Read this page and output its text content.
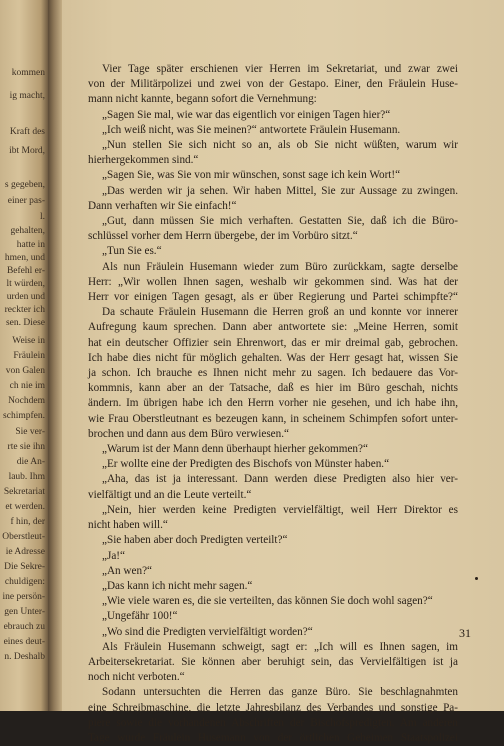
kommen
ig macht,
Kraft des
ibt Mord,
s gegeben,
einer pas-
l.
gehalten,
hatte in
hmen, und
Befehl er-
lt würden,
urden und
reckter ich
sen. Diese
Weise in
Fräulein
von Galen
ch nie im
Nochdem
schimpfen.
Sie ver-
rte sie ihn
die An-
laub. Ihm
Sekretariat
et werden.
f hin, der
Oberstleut-
ie Adresse
Die Sekre-
chuldigen:
ine persön-
gen Unter-
ebrauch zu
eines deut-
n. Deshalb
Vier Tage später erschienen vier Herren im Sekretariat, und zwar zwei
von der Militärpolizei und zwei von der Gestapo. Einer, den Fräulein Huse-
mann nicht kannte, begann sofort die Vernehmung:
„Sagen Sie mal, wie war das eigentlich vor einigen Tagen hier?“
„Ich weiß nicht, was Sie meinen?“ antwortete Fräulein Husemann.
„Nun stellen Sie sich nicht so an, als ob Sie nicht wüßten, warum wir
hierhergekommen sind.“
„Sagen Sie, was Sie von mir wünschen, sonst sage ich kein Wort!“
„Das werden wir ja sehen. Wir haben Mittel, Sie zur Aussage zu zwingen.
Dann verhaften wir Sie einfach!“
„Gut, dann müssen Sie mich verhaften. Gestatten Sie, daß ich die Büro-
schlüssel vorher dem Herrn übergebe, der im Vorbüro sitzt.“
„Tun Sie es.“
Als nun Fräulein Husemann wieder zum Büro zurückkam, sagte derselbe
Herr: „Wir wollen Ihnen sagen, weshalb wir gekommen sind. Was hat der
Herr vor einigen Tagen gesagt, als er über Regierung und Partei schimpfte?“
Da schaute Fräulein Husemann die Herren groß an und konnte vor innerer
Aufregung kaum sprechen. Dann aber antwortete sie: „Meine Herren, somit
hat ein deutscher Offizier sein Ehrenwort, das er mir dreimal gab, gebrochen.
Ich habe dies nicht für möglich gehalten. Was der Herr gesagt hat, wissen Sie
ja schon. Ich brauche es Ihnen nicht mehr zu sagen. Ich bedauere das Vor-
kommnis, kann aber an der Tatsache, daß es hier im Büro geschah, nichts
ändern. Im übrigen habe ich den Herrn vorher nie gesehen, und ich habe ihn,
wie Frau Oberstleutnant es bezeugen kann, in scheinem Schimpfen sofort unter-
brochen und dann aus dem Büro verwiesen.“
„Warum ist der Mann denn überhaupt hierher gekommen?“
„Er wollte eine der Predigten des Bischofs von Münster haben.“
„Aha, das ist ja interessant. Dann werden diese Predigten also hier ver-
vielfältigt und an die Leute verteilt.“
„Nein, hier werden keine Predigten vervielfältigt, weil Herr Direktor es
nicht haben will.“
„Sie haben aber doch Predigten verteilt?“
„Ja!“
„An wen?“
„Das kann ich nicht mehr sagen.“
„Wie viele waren es, die sie verteilten, das können Sie doch wohl sagen?“
„Ungefähr 100!“
„Wo sind die Predigten vervielfältigt worden?“
Als Fräulein Husemann schweigt, sagt er: „Ich will es Ihnen sagen, im
Arbeitersekretariat. Sie können aber beruhigt sein, das Vervielfältigen ist ja
noch nicht verboten.“
Sodann untersuchten die Herren das ganze Büro. Sie beschlagnahmten
eine Schreibmaschine, die letzte Jahresbilanz des Verbandes und sonstige Pa-
piere sowie die vorhandenen Abschriften der Bischofspredigten. Am anderen
Tage wurde Fräulein Husemann von der örtlichen Geheimen Staatspolizei
31
